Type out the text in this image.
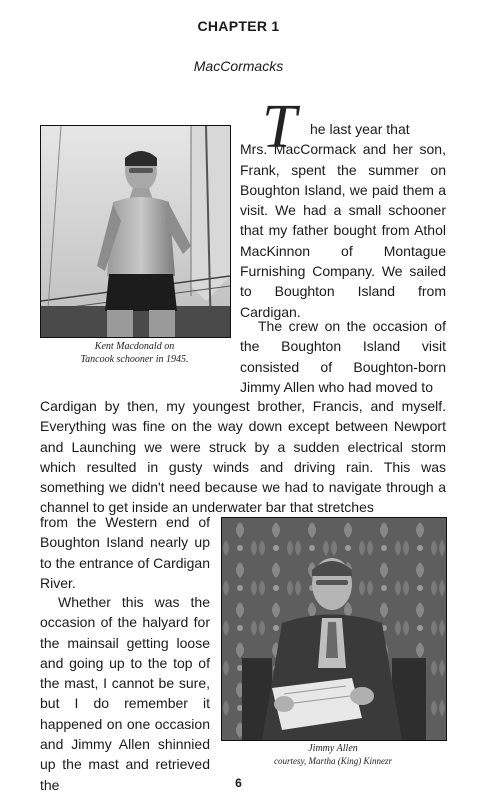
CHAPTER 1
MacCormacks
Kent Macdonald on
Tancook schooner in 1945.
T he last year that
Mrs. MacCormack and her son, Frank, spent the summer on Boughton Island, we paid them a visit. We had a small schooner that my father bought from Athol MacKinnon of Montague Furnishing Company. We sailed to Boughton Island from Cardigan.
The crew on the occasion of the Boughton Island visit consisted of Boughton-born Jimmy Allen who had moved to
Cardigan by then, my youngest brother, Francis, and myself. Everything was fine on the way down except between Newport and Launching we were struck by a sudden electrical storm which resulted in gusty winds and driving rain. This was something we didn't need because we had to navigate through a channel to get inside an underwater bar that stretches
from the Western end of Boughton Island nearly up to the entrance of Cardigan River.
Whether this was the occasion of the halyard for the mainsail getting loose and going up to the top of the mast, I cannot be sure, but I do remember it happened on one occasion and Jimmy Allen shinnied up the mast and retrieved the
Jimmy Allen
courtesy, Martha (King) Kinnezr
6
